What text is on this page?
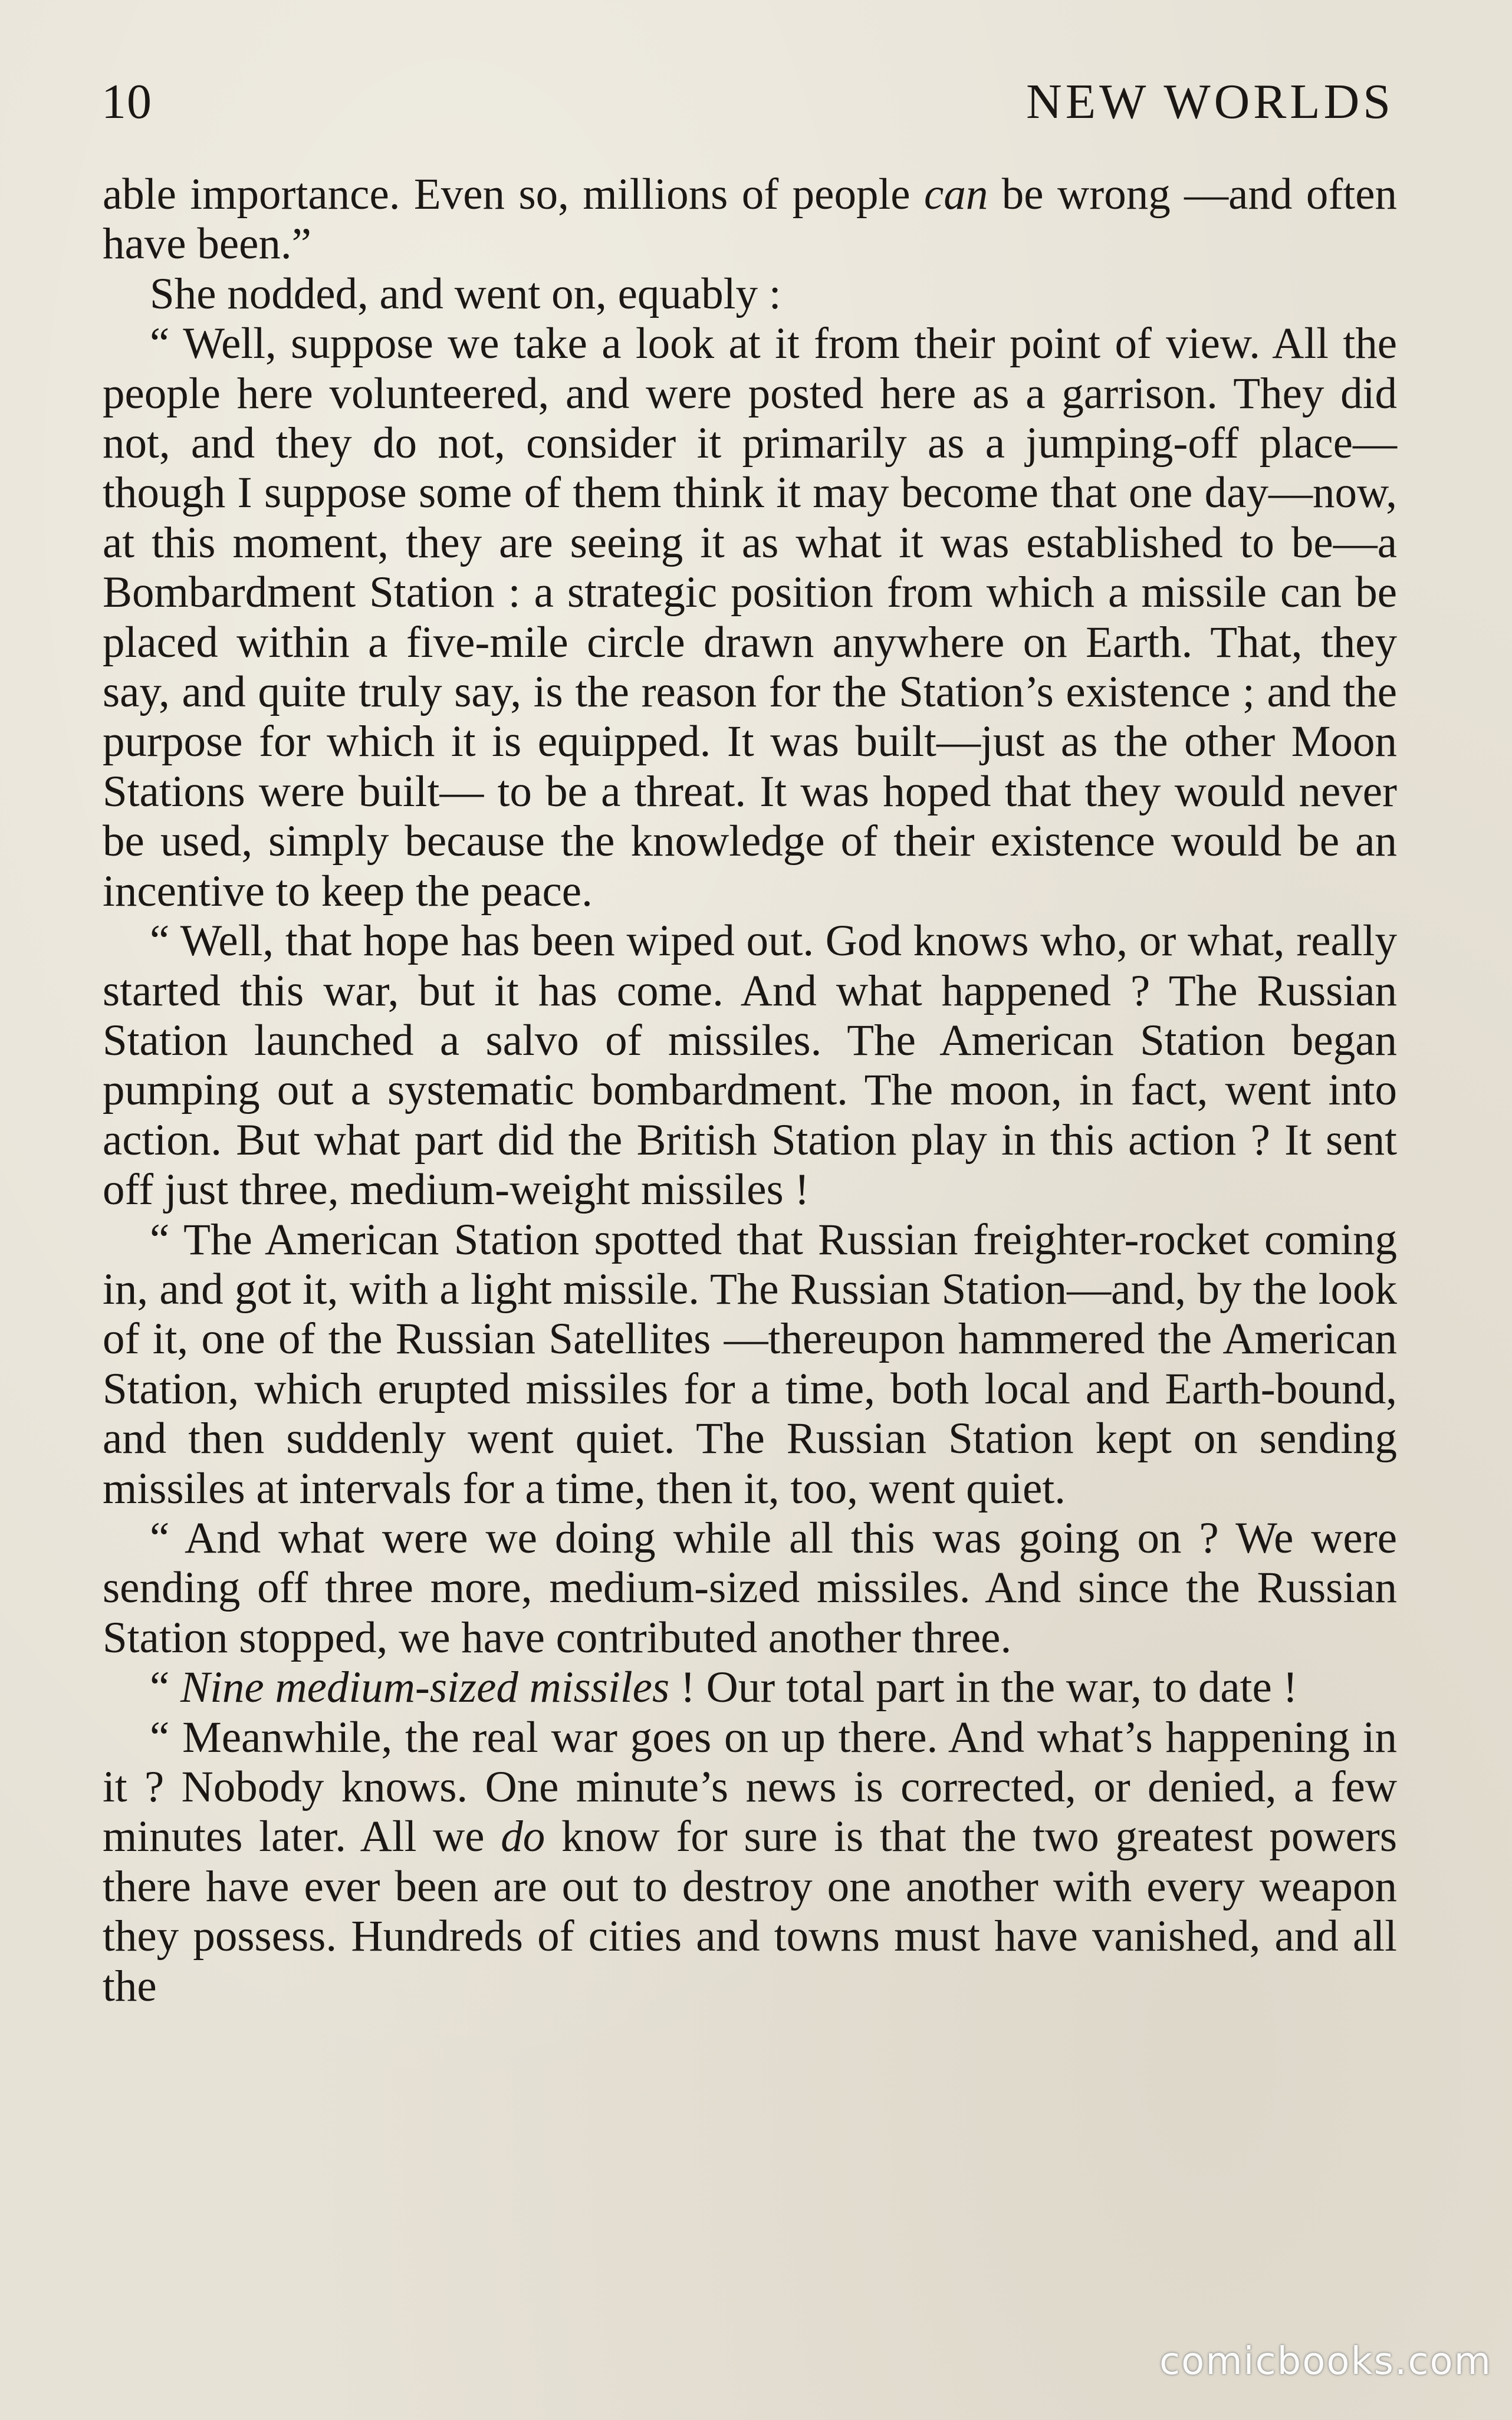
10	NEW WORLDS

able importance. Even so, millions of people can be wrong —and often have been.”

She nodded, and went on, equably :

“ Well, suppose we take a look at it from their point of view. All the people here volunteered, and were posted here as a garrison. They did not, and they do not, consider it primarily as a jumping-off place—though I suppose some of them think it may become that one day—now, at this moment, they are seeing it as what it was established to be—a Bombardment Station : a strategic position from which a missile can be placed within a five-mile circle drawn anywhere on Earth. That, they say, and quite truly say, is the reason for the Station’s existence ; and the purpose for which it is equipped. It was built—just as the other Moon Stations were built— to be a threat. It was hoped that they would never be used, simply because the knowledge of their existence would be an incentive to keep the peace.

“ Well, that hope has been wiped out. God knows who, or what, really started this war, but it has come. And what happened ? The Russian Station launched a salvo of missiles. The American Station began pumping out a systematic bombardment. The moon, in fact, went into action. But what part did the British Station play in this action ? It sent off just three, medium-weight missiles !

“ The American Station spotted that Russian freighter-rocket coming in, and got it, with a light missile. The Russian Station—and, by the look of it, one of the Russian Satellites —thereupon hammered the American Station, which erupted missiles for a time, both local and Earth-bound, and then suddenly went quiet. The Russian Station kept on sending missiles at intervals for a time, then it, too, went quiet.

“ And what were we doing while all this was going on ? We were sending off three more, medium-sized missiles. And since the Russian Station stopped, we have contributed another three.

“ Nine medium-sized missiles ! Our total part in the war, to date !

“ Meanwhile, the real war goes on up there. And what’s happening in it ? Nobody knows. One minute’s news is corrected, or denied, a few minutes later. All we do know for sure is that the two greatest powers there have ever been are out to destroy one another with every weapon they possess. Hundreds of cities and towns must have vanished, and all the

comicbooks.com
